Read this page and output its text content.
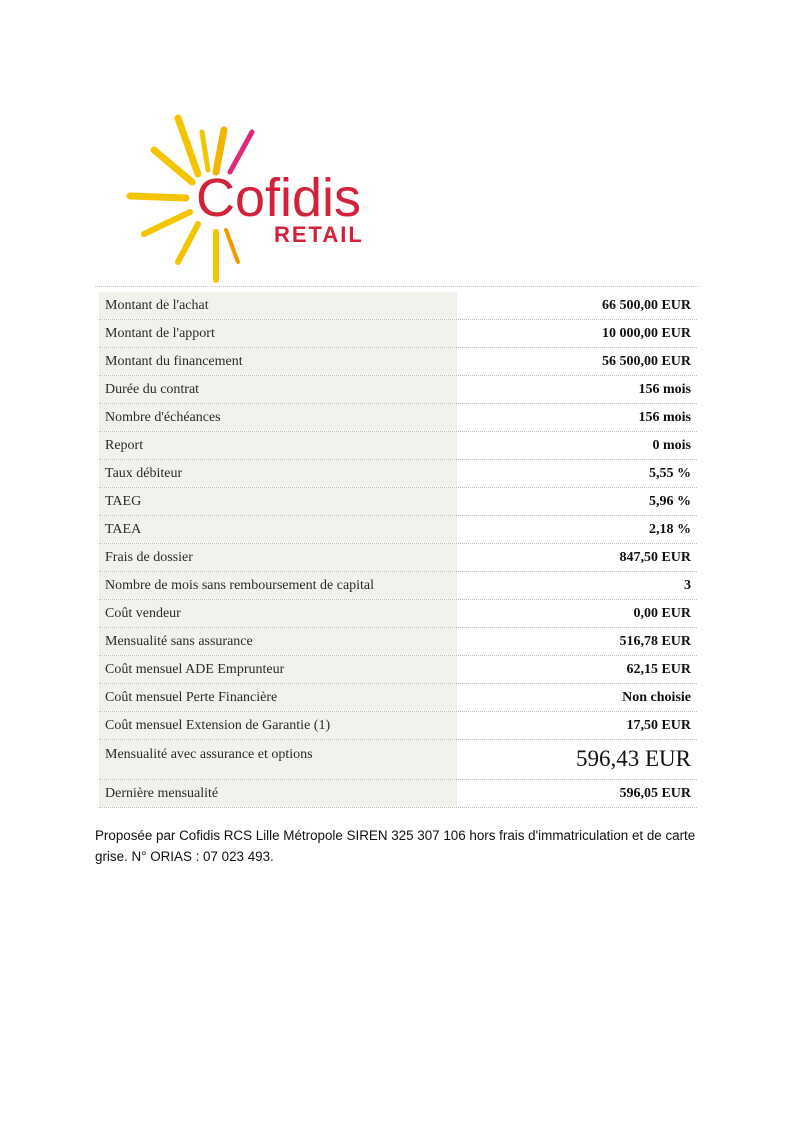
Cofidis
RETAIL
Montant de l'achat	66 500,00 EUR
Montant de l'apport	10 000,00 EUR
Montant du financement	56 500,00 EUR
Durée du contrat	156 mois
Nombre d'échéances	156 mois
Report	0 mois
Taux débiteur	5,55 %
TAEG	5,96 %
TAEA	2,18 %
Frais de dossier	847,50 EUR
Nombre de mois sans remboursement de capital	3
Coût vendeur	0,00 EUR
Mensualité sans assurance	516,78 EUR
Coût mensuel ADE Emprunteur	62,15 EUR
Coût mensuel Perte Financière	Non choisie
Coût mensuel Extension de Garantie (1)	17,50 EUR
Mensualité avec assurance et options	596,43 EUR
Dernière mensualité	596,05 EUR
Proposée par Cofidis RCS Lille Métropole SIREN 325 307 106 hors frais d'immatriculation et de carte grise. N° ORIAS : 07 023 493.
